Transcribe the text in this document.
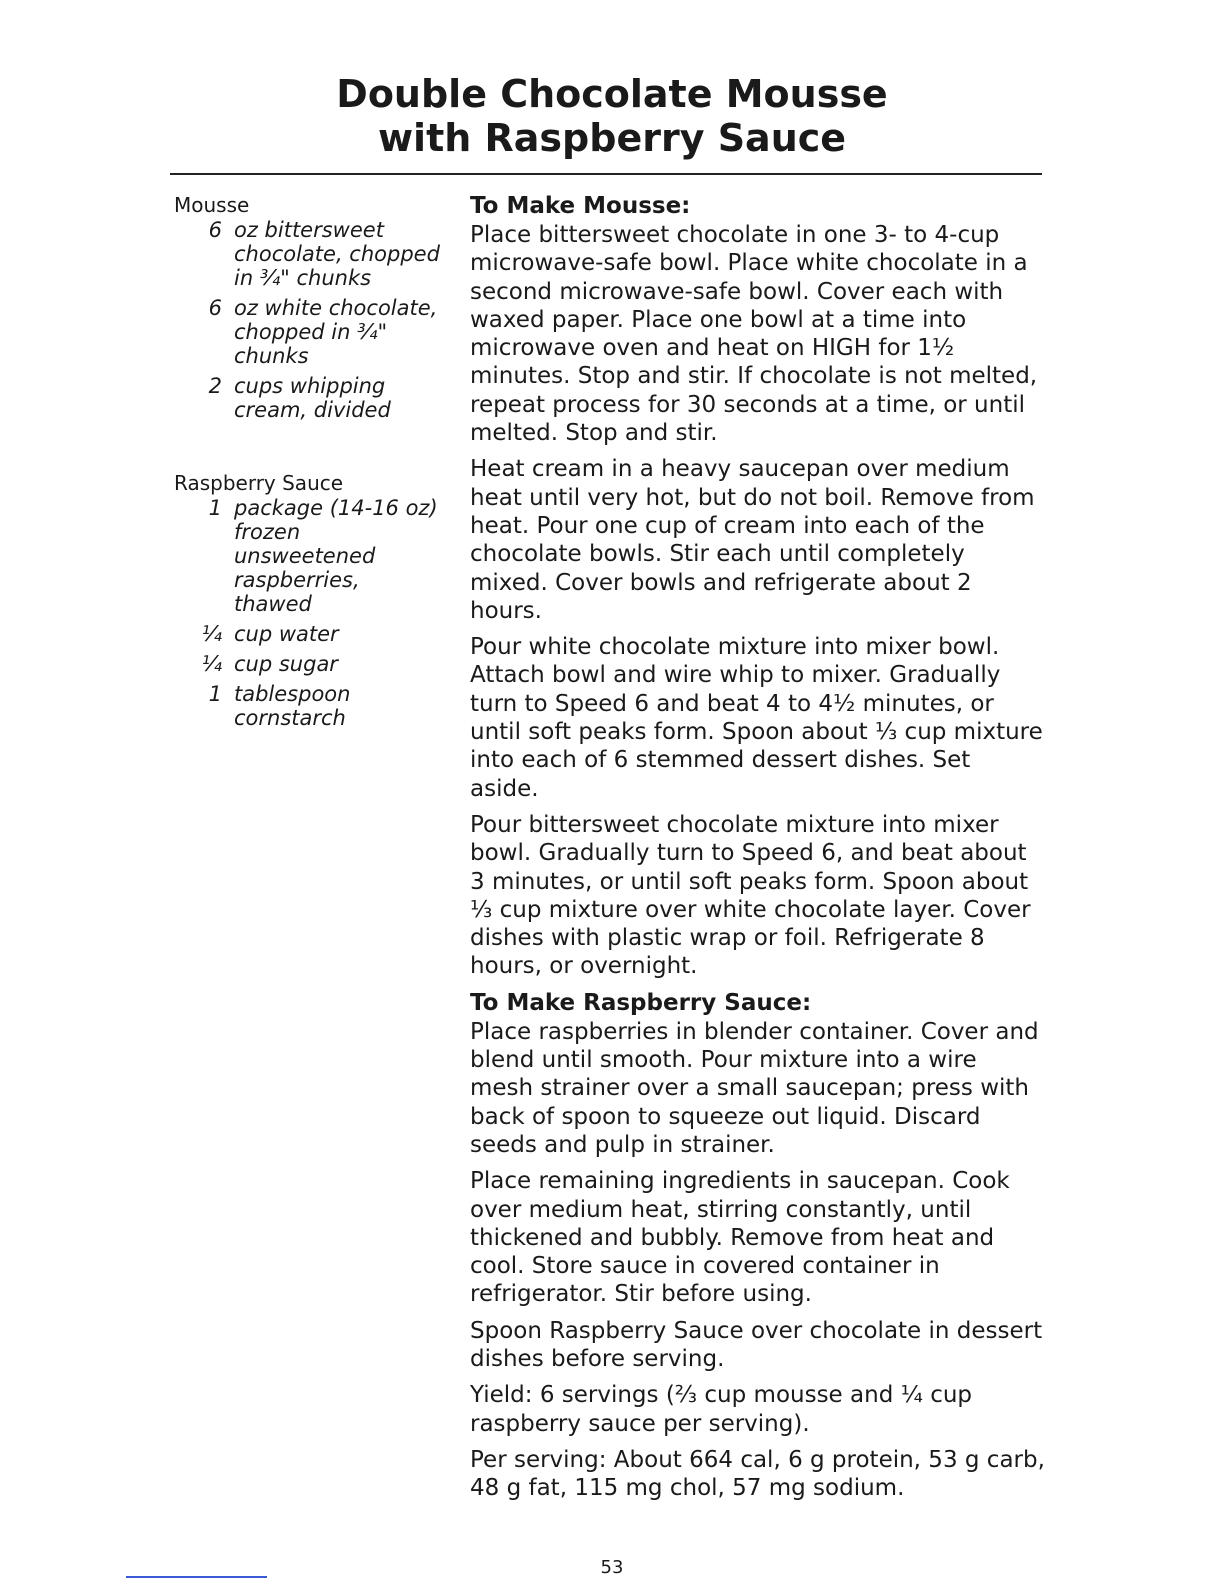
Double Chocolate Mousse
with Raspberry Sauce
Mousse
6 oz bittersweet chocolate, chopped in ¾" chunks
6 oz white chocolate, chopped in ¾" chunks
2 cups whipping cream, divided
Raspberry Sauce
1 package (14-16 oz) frozen unsweetened raspberries, thawed
¼ cup water
¼ cup sugar
1 tablespoon cornstarch
To Make Mousse:

Place bittersweet chocolate in one 3- to 4-cup microwave-safe bowl. Place white chocolate in a second microwave-safe bowl. Cover each with waxed paper. Place one bowl at a time into microwave oven and heat on HIGH for 1½ minutes. Stop and stir. If chocolate is not melted, repeat process for 30 seconds at a time, or until melted. Stop and stir.

Heat cream in a heavy saucepan over medium heat until very hot, but do not boil. Remove from heat. Pour one cup of cream into each of the chocolate bowls. Stir each until completely mixed. Cover bowls and refrigerate about 2 hours.

Pour white chocolate mixture into mixer bowl. Attach bowl and wire whip to mixer. Gradually turn to Speed 6 and beat 4 to 4½ minutes, or until soft peaks form. Spoon about ⅓ cup mixture into each of 6 stemmed dessert dishes. Set aside.

Pour bittersweet chocolate mixture into mixer bowl. Gradually turn to Speed 6, and beat about 3 minutes, or until soft peaks form. Spoon about ⅓ cup mixture over white chocolate layer. Cover dishes with plastic wrap or foil. Refrigerate 8 hours, or overnight.

To Make Raspberry Sauce:

Place raspberries in blender container. Cover and blend until smooth. Pour mixture into a wire mesh strainer over a small saucepan; press with back of spoon to squeeze out liquid. Discard seeds and pulp in strainer.

Place remaining ingredients in saucepan. Cook over medium heat, stirring constantly, until thickened and bubbly. Remove from heat and cool. Store sauce in covered container in refrigerator. Stir before using.

Spoon Raspberry Sauce over chocolate in dessert dishes before serving.

Yield: 6 servings (⅔ cup mousse and ¼ cup raspberry sauce per serving).

Per serving: About 664 cal, 6 g protein, 53 g carb, 48 g fat, 115 mg chol, 57 mg sodium.

53
